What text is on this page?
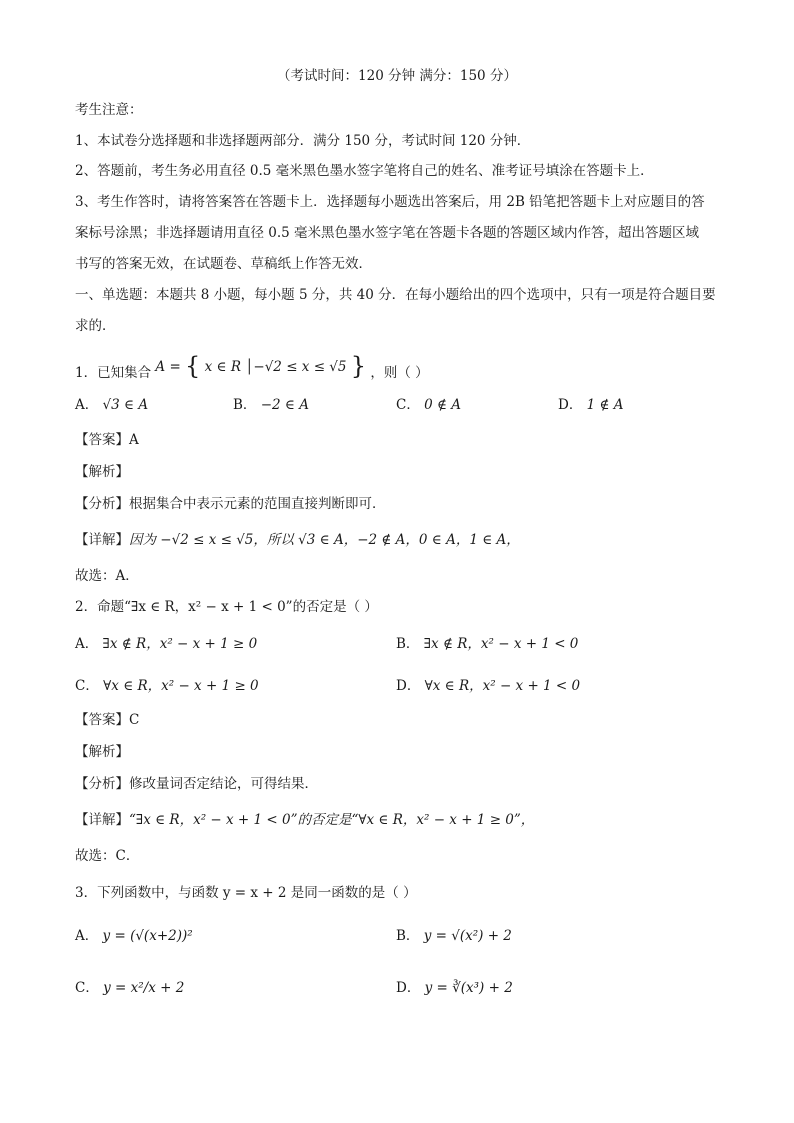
（考试时间：120 分钟 满分：150 分）
考生注意：
1、本试卷分选择题和非选择题两部分．满分 150 分，考试时间 120 分钟．
2、答题前，考生务必用直径 0.5 毫米黑色墨水签字笔将自己的姓名、准考证号填涂在答题卡上．
3、考生作答时，请将答案答在答题卡上．选择题每小题选出答案后，用 2B 铅笔把答题卡上对应题目的答
案标号涂黑；非选择题请用直径 0.5 毫米黑色墨水签字笔在答题卡各题的答题区域内作答，超出答题区域
书写的答案无效，在试题卷、草稿纸上作答无效．
一、单选题：本题共 8 小题，每小题 5 分，共 40 分．在每小题给出的四个选项中，只有一项是符合题目要
求的．
1．已知集合 A = { x ∈ R │−√2 ≤ x ≤ √5 } ，则（ ）
A． √3 ∈ A	B． −2 ∈ A	C． 0 ∉ A	D． 1 ∉ A
【答案】A
【解析】
【分析】根据集合中表示元素的范围直接判断即可．
【详解】因为 −√2 ≤ x ≤ √5，所以 √3 ∈ A，−2 ∉ A，0 ∈ A，1 ∈ A，
故选：A．
2．命题“∃x ∈ R，x² − x + 1 < 0”的否定是（ ）
A． ∃x ∉ R，x² − x + 1 ≥ 0	B． ∃x ∉ R，x² − x + 1 < 0
C． ∀x ∈ R，x² − x + 1 ≥ 0	D． ∀x ∈ R，x² − x + 1 < 0
【答案】C
【解析】
【分析】修改量词否定结论，可得结果．
【详解】“∃x ∈ R，x² − x + 1 < 0”的否定是“∀x ∈ R，x² − x + 1 ≥ 0”，
故选：C．
3．下列函数中，与函数 y = x + 2 是同一函数的是（ ）
A． y = (√(x+2))²	B． y = √(x²) + 2
C． y = x²/x + 2	D． y = ∛(x³) + 2
